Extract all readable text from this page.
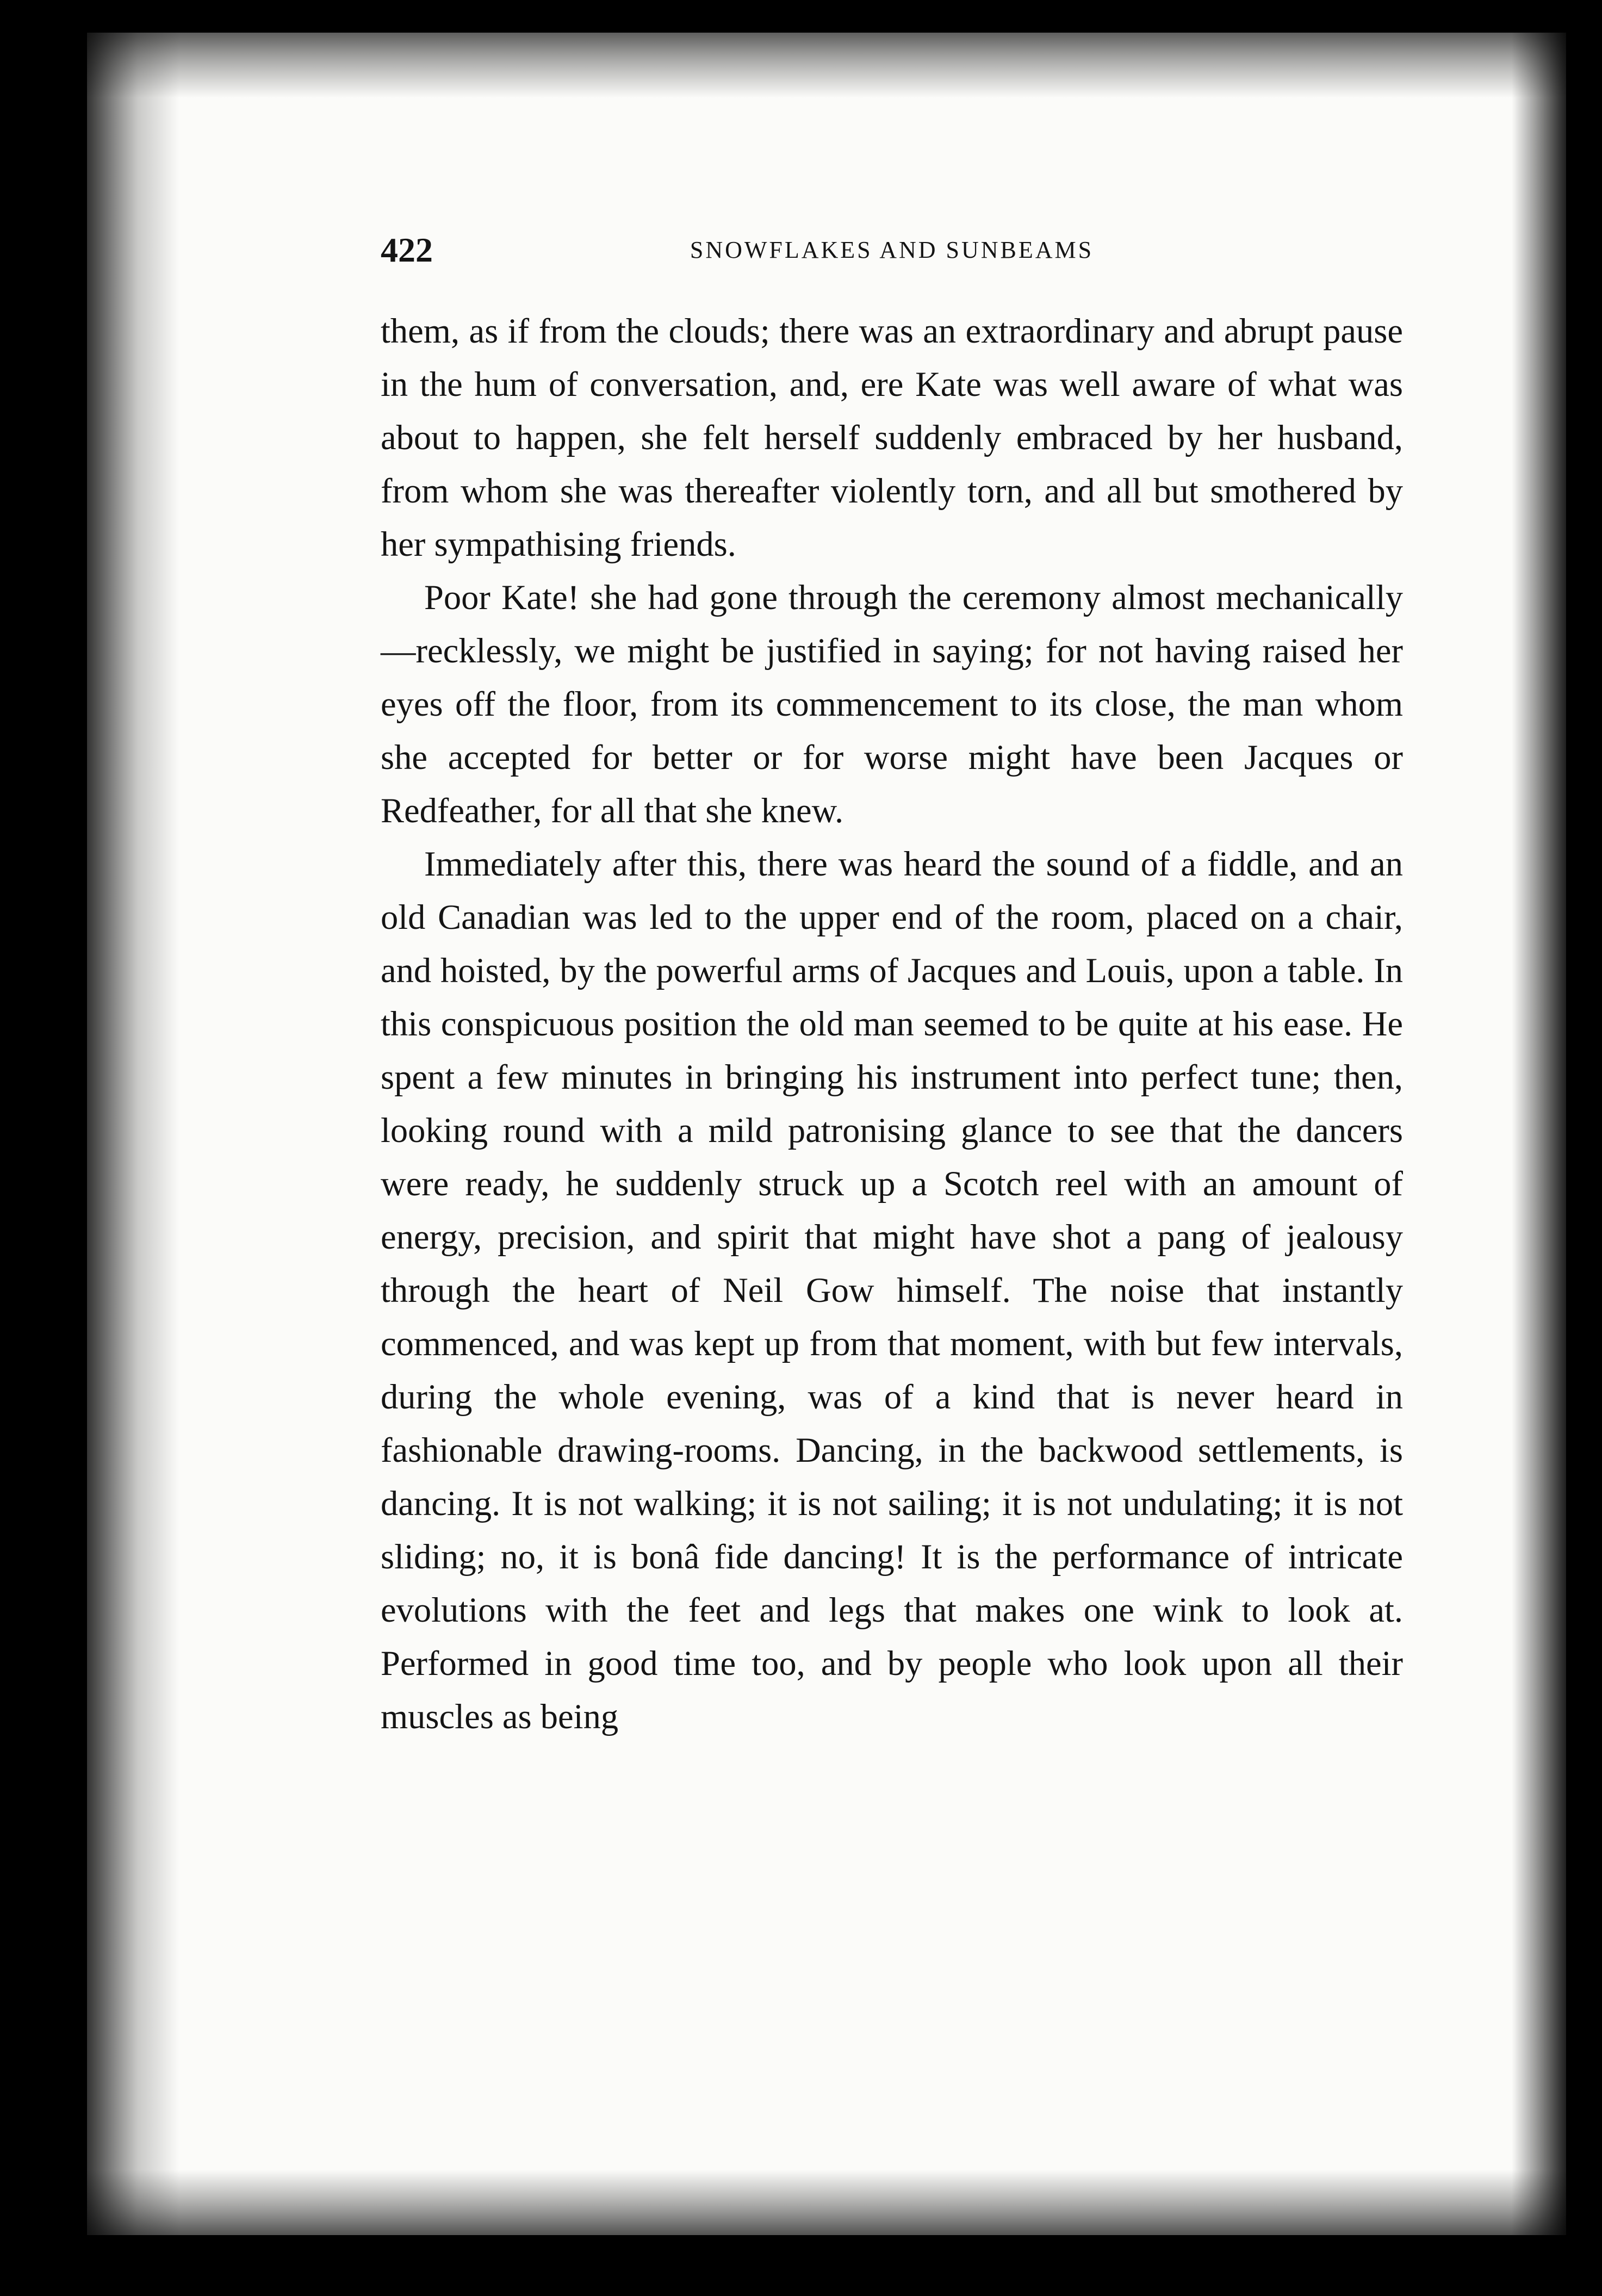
422	SNOWFLAKES AND SUNBEAMS

them, as if from the clouds; there was an extraordinary and abrupt pause in the hum of conversation, and, ere Kate was well aware of what was about to happen, she felt herself suddenly embraced by her husband, from whom she was thereafter violently torn, and all but smothered by her sympathising friends.

Poor Kate! she had gone through the ceremony almost mechanically—recklessly, we might be justified in saying; for not having raised her eyes off the floor, from its commencement to its close, the man whom she accepted for better or for worse might have been Jacques or Redfeather, for all that she knew.

Immediately after this, there was heard the sound of a fiddle, and an old Canadian was led to the upper end of the room, placed on a chair, and hoisted, by the powerful arms of Jacques and Louis, upon a table. In this conspicuous position the old man seemed to be quite at his ease. He spent a few minutes in bringing his instrument into perfect tune; then, looking round with a mild patronising glance to see that the dancers were ready, he suddenly struck up a Scotch reel with an amount of energy, precision, and spirit that might have shot a pang of jealousy through the heart of Neil Gow himself. The noise that instantly commenced, and was kept up from that moment, with but few intervals, during the whole evening, was of a kind that is never heard in fashionable drawing-rooms. Dancing, in the backwood settlements, is dancing. It is not walking; it is not sailing; it is not undulating; it is not sliding; no, it is bonâ fide dancing! It is the performance of intricate evolutions with the feet and legs that makes one wink to look at. Performed in good time too, and by people who look upon all their muscles as being
